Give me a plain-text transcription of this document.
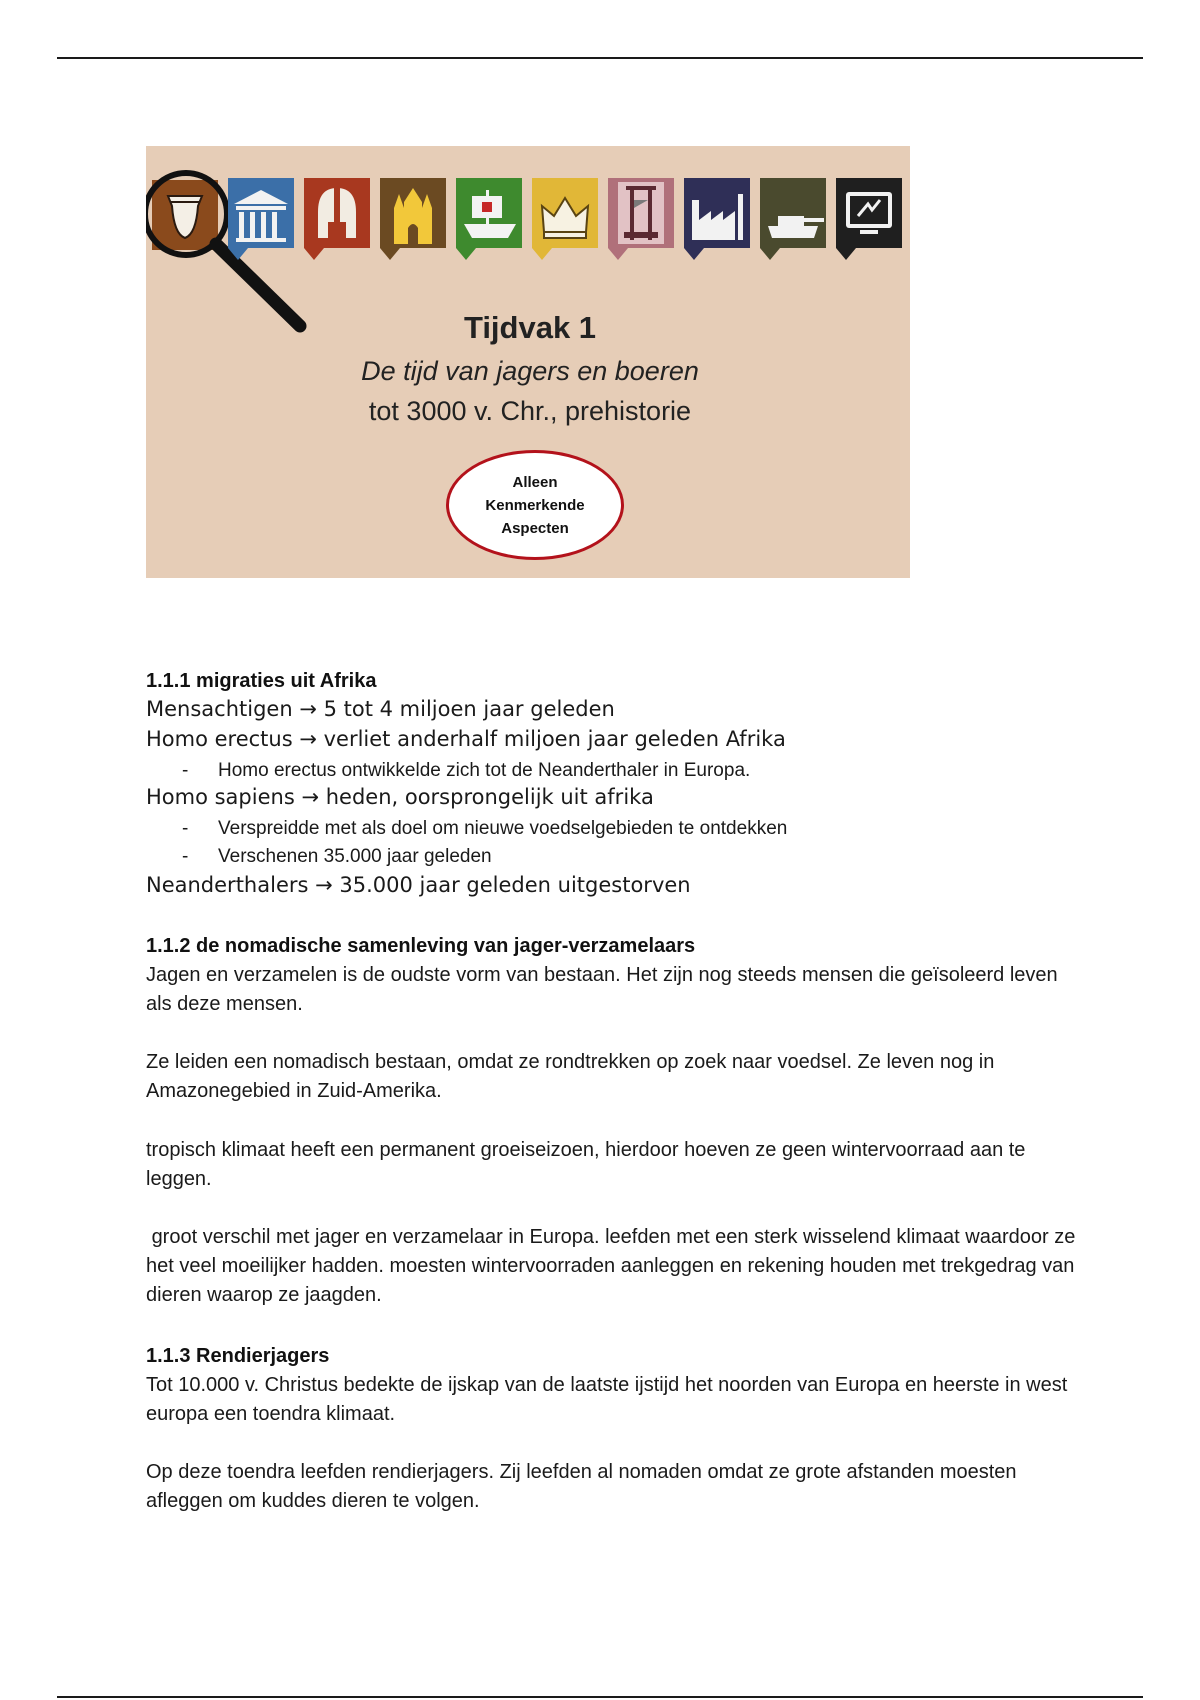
Tijdvak 1
De tijd van jagers en boeren
tot 3000 v. Chr., prehistorie
Alleen
Kenmerkende
Aspecten
1.1.1 migraties uit Afrika
Mensachtigen → 5 tot 4 miljoen jaar geleden
Homo erectus → verliet anderhalf miljoen jaar geleden Afrika
- Homo erectus ontwikkelde zich tot de Neanderthaler in Europa.
Homo sapiens → heden, oorsprongelijk uit afrika
- Verspreidde met als doel om nieuwe voedselgebieden te ontdekken
- Verschenen 35.000 jaar geleden
Neanderthalers → 35.000 jaar geleden uitgestorven
1.1.2 de nomadische samenleving van jager-verzamelaars
Jagen en verzamelen is de oudste vorm van bestaan. Het zijn nog steeds mensen die geïsoleerd leven als deze mensen.
Ze leiden een nomadisch bestaan, omdat ze rondtrekken op zoek naar voedsel. Ze leven nog in Amazonegebied in Zuid-Amerika.
tropisch klimaat heeft een permanent groeiseizoen, hierdoor hoeven ze geen wintervoorraad aan te leggen.
groot verschil met jager en verzamelaar in Europa. leefden met een sterk wisselend klimaat waardoor ze het veel moeilijker hadden. moesten wintervoorraden aanleggen en rekening houden met trekgedrag van dieren waarop ze jaagden.
1.1.3 Rendierjagers
Tot 10.000 v. Christus bedekte de ijskap van de laatste ijstijd het noorden van Europa en heerste in west europa een toendra klimaat.
Op deze toendra leefden rendierjagers. Zij leefden al nomaden omdat ze grote afstanden moesten afleggen om kuddes dieren te volgen.
